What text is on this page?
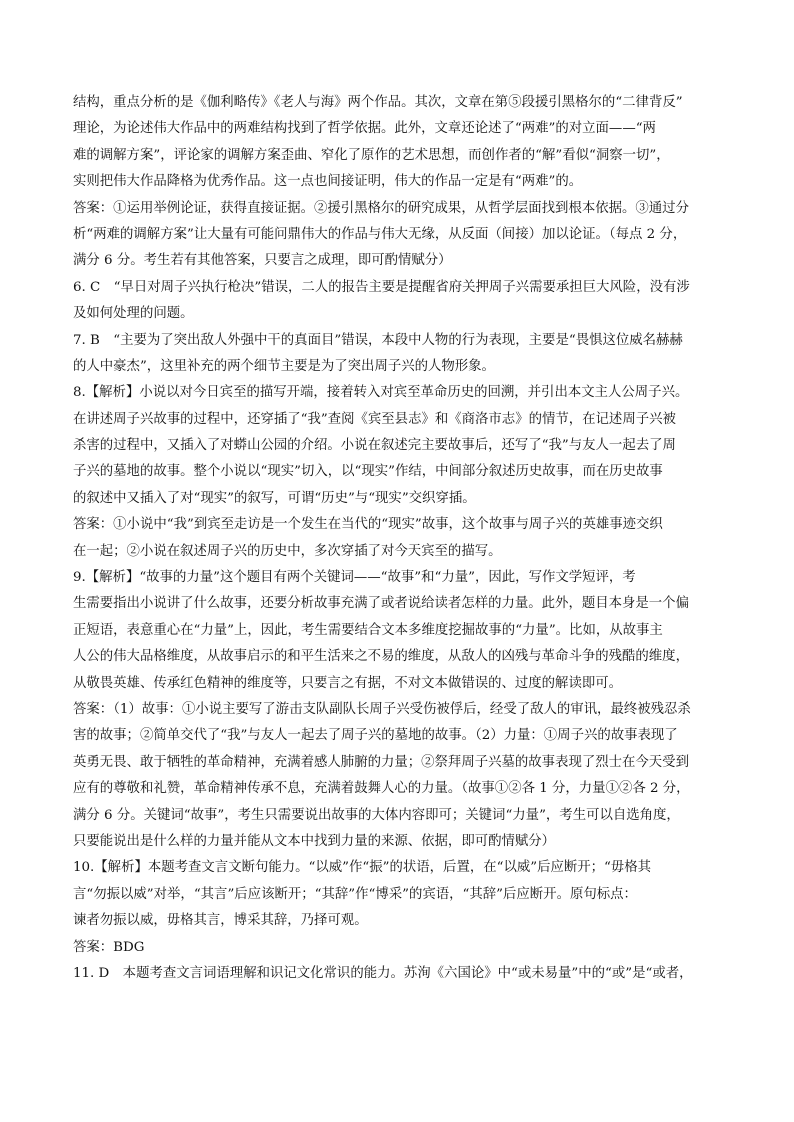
结构，重点分析的是《伽利略传》《老人与海》两个作品。其次，文章在第⑤段援引黑格尔的“二律背反”
理论，为论述伟大作品中的两难结构找到了哲学依据。此外，文章还论述了“两难”的对立面——“两
难的调解方案”，评论家的调解方案歪曲、窄化了原作的艺术思想，而创作者的“解”看似“洞察一切”，
实则把伟大作品降格为优秀作品。这一点也间接证明，伟大的作品一定是有“两难”的。
答案：①运用举例论证，获得直接证据。②援引黑格尔的研究成果，从哲学层面找到根本依据。③通过分
析“两难的调解方案”让大量有可能问鼎伟大的作品与伟大无缘，从反面（间接）加以论证。（每点 2 分，
满分 6 分。考生若有其他答案，只要言之成理，即可酌情赋分）
6. C　“早日对周子兴执行枪决”错误，二人的报告主要是提醒省府关押周子兴需要承担巨大风险，没有涉
及如何处理的问题。
7. B　“主要为了突出敌人外强中干的真面目”错误，本段中人物的行为表现，主要是“畏惧这位威名赫赫
的人中豪杰”，这里补充的两个细节主要是为了突出周子兴的人物形象。
8.【解析】小说以对今日宾至的描写开端，接着转入对宾至革命历史的回溯，并引出本文主人公周子兴。
在讲述周子兴故事的过程中，还穿插了“我”查阅《宾至县志》和《商洛市志》的情节，在记述周子兴被
杀害的过程中，又插入了对蟒山公园的介绍。小说在叙述完主要故事后，还写了“我”与友人一起去了周
子兴的墓地的故事。整个小说以“现实”切入，以“现实”作结，中间部分叙述历史故事，而在历史故事
的叙述中又插入了对“现实”的叙写，可谓“历史”与“现实”交织穿插。
答案：①小说中“我”到宾至走访是一个发生在当代的“现实”故事，这个故事与周子兴的英雄事迹交织
在一起；②小说在叙述周子兴的历史中，多次穿插了对今天宾至的描写。
9.【解析】“故事的力量”这个题目有两个关键词——“故事”和“力量”，因此，写作文学短评，考
生需要指出小说讲了什么故事，还要分析故事充满了或者说给读者怎样的力量。此外，题目本身是一个偏
正短语，表意重心在“力量”上，因此，考生需要结合文本多维度挖掘故事的“力量”。比如，从故事主
人公的伟大品格维度，从故事启示的和平生活来之不易的维度，从敌人的凶残与革命斗争的残酷的维度，
从敬畏英雄、传承红色精神的维度等，只要言之有据，不对文本做错误的、过度的解读即可。
答案：（1）故事：①小说主要写了游击支队副队长周子兴受伤被俘后，经受了敌人的审讯，最终被残忍杀
害的故事；②简单交代了“我”与友人一起去了周子兴的墓地的故事。（2）力量：①周子兴的故事表现了
英勇无畏、敢于牺牲的革命精神，充满着感人肺腑的力量；②祭拜周子兴墓的故事表现了烈士在今天受到
应有的尊敬和礼赞，革命精神传承不息，充满着鼓舞人心的力量。（故事①②各 1 分，力量①②各 2 分，
满分 6 分。关键词“故事”，考生只需要说出故事的大体内容即可；关键词“力量”，考生可以自选角度，
只要能说出是什么样的力量并能从文本中找到力量的来源、依据，即可酌情赋分）
10.【解析】本题考查文言文断句能力。“以威”作“振”的状语，后置，在“以威”后应断开；“毋格其
言“勿振以威”对举，“其言”后应该断开；“其辞”作“博采”的宾语，“其辞”后应断开。原句标点：
谏者勿振以威，毋格其言，博采其辞，乃择可观。
答案：BDG
11. D　本题考查文言词语理解和识记文化常识的能力。苏洵《六国论》中“或未易量”中的“或”是“或者，
